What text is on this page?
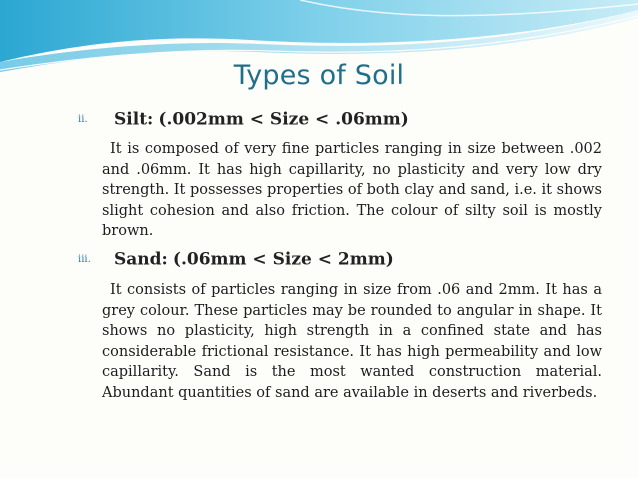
Types of Soil
ii. Silt: (.002mm < Size < .06mm)
It is composed of very fine particles ranging in size between .002 and .06mm. It has high capillarity, no plasticity and very low dry strength. It possesses properties of both clay and sand, i.e. it shows slight cohesion and also friction. The colour of silty soil is mostly brown.
iii. Sand: (.06mm < Size < 2mm)
It consists of particles ranging in size from .06 and 2mm. It has a grey colour. These particles may be rounded to angular in shape. It shows no plasticity, high strength in a confined state and has considerable frictional resistance. It has high permeability and low capillarity. Sand is the most wanted construction material. Abundant quantities of sand are available in deserts and riverbeds.
